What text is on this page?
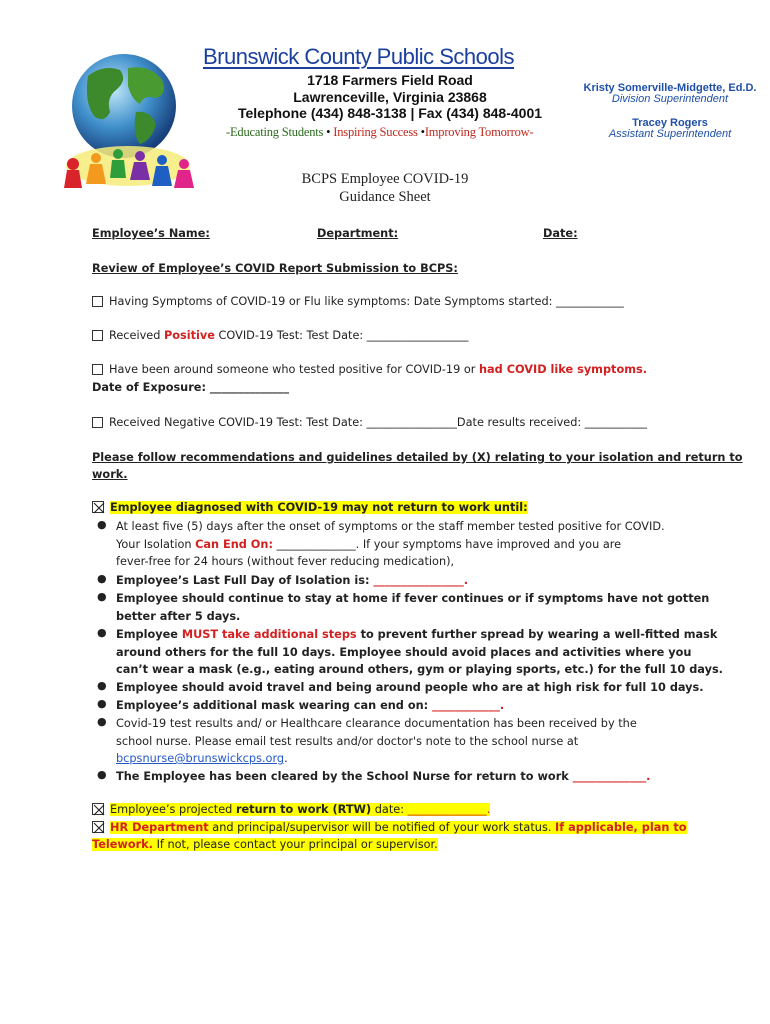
Brunswick County Public Schools
1718 Farmers Field Road
Lawrenceville, Virginia 23868
Telephone (434) 848-3138 | Fax (434) 848-4001
-Educating Students • Inspiring Success •Improving Tomorrow-
Kristy Somerville-Midgette, Ed.D.
Division Superintendent
Tracey Rogers
Assistant Superintendent
BCPS Employee COVID-19
Guidance Sheet
Employee’s Name:	Department:	Date:
Review of Employee’s COVID Report Submission to BCPS:
Having Symptoms of COVID-19 or Flu like symptoms: Date Symptoms started: ____________
Received Positive COVID-19 Test: Test Date: __________________
Have been around someone who tested positive for COVID-19 or had COVID like symptoms.
Date of Exposure: ______________
Received Negative COVID-19 Test: Test Date: ________________Date results received: ___________
Please follow recommendations and guidelines detailed by (X) relating to your isolation and return to
work.
Employee diagnosed with COVID-19 may not return to work until:
● At least five (5) days after the onset of symptoms or the staff member tested positive for COVID.
Your Isolation Can End On: ______________. If your symptoms have improved and you are
fever-free for 24 hours (without fever reducing medication),
● Employee’s Last Full Day of Isolation is: ________________.
● Employee should continue to stay at home if fever continues or if symptoms have not gotten
better after 5 days.
● Employee MUST take additional steps to prevent further spread by wearing a well-fitted mask
around others for the full 10 days. Employee should avoid places and activities where you
can’t wear a mask (e.g., eating around others, gym or playing sports, etc.) for the full 10 days.
● Employee should avoid travel and being around people who are at high risk for full 10 days.
● Employee’s additional mask wearing can end on: ____________.
● Covid-19 test results and/ or Healthcare clearance documentation has been received by the
school nurse. Please email test results and/or doctor's note to the school nurse at
bcpsnurse@brunswickcps.org.
● The Employee has been cleared by the School Nurse for return to work _____________.
Employee’s projected return to work (RTW) date: ______________.
HR Department and principal/supervisor will be notified of your work status. If applicable, plan to
Telework. If not, please contact your principal or supervisor.
